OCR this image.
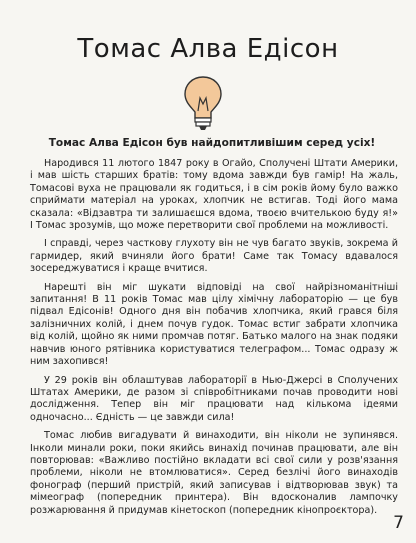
Томас Алва Едісон
Томас Алва Едісон був найдопитливішим серед усіх!

Народився 11 лютого 1847 року в Огайо, Сполучені Штати Америки, і мав шість старших братів: тому вдома завжди був гамір! На жаль, Томасові вуха не працювали як годиться, і в сім років йому було важко сприймати матеріал на уроках, хлопчик не встигав. Тоді його мама сказала: «Відзавтра ти залишаєшся вдома, твоєю вчителькою буду я!» І Томас зрозумів, що може перетворити свої проблеми на можливості.

І справді, через часткову глухоту він не чув багато звуків, зокрема й гармидер, який вчиняли його брати! Саме так Томасу вдавалося зосереджуватися і краще вчитися.

Нарешті він міг шукати відповіді на свої найрізноманітніші запитання! В 11 років Томас мав цілу хімічну лабораторію — це був підвал Едісонів! Одного дня він побачив хлопчика, який грався біля залізничних колій, і днем почув гудок. Томас встиг забрати хлопчика від колій, щойно як ними промчав потяг. Батько малого на знак подяки навчив юного рятівника користуватися телеграфом... Томас одразу ж ним захопився!

У 29 років він облаштував лабораторії в Нью-Джерсі в Сполучених Штатах Америки, де разом зі співробітниками почав проводити нові дослідження. Тепер він міг працювати над кількома ідеями одночасно... Єдність — це завжди сила!

Томас любив вигадувати й винаходити, він ніколи не зупинявся. Інколи минали роки, поки якийсь винахід починав працювати, але він повторював: «Важливо постійно вкладати всі свої сили у розв'язання проблеми, ніколи не втомлюватися». Серед безлічі його винаходів фонограф (перший пристрій, який записував і відтворював звук) та мімеограф (попередник принтера). Він вдосконалив лампочку розжарювання й придумав кінетоскоп (попередник кінопроєктора).

7
